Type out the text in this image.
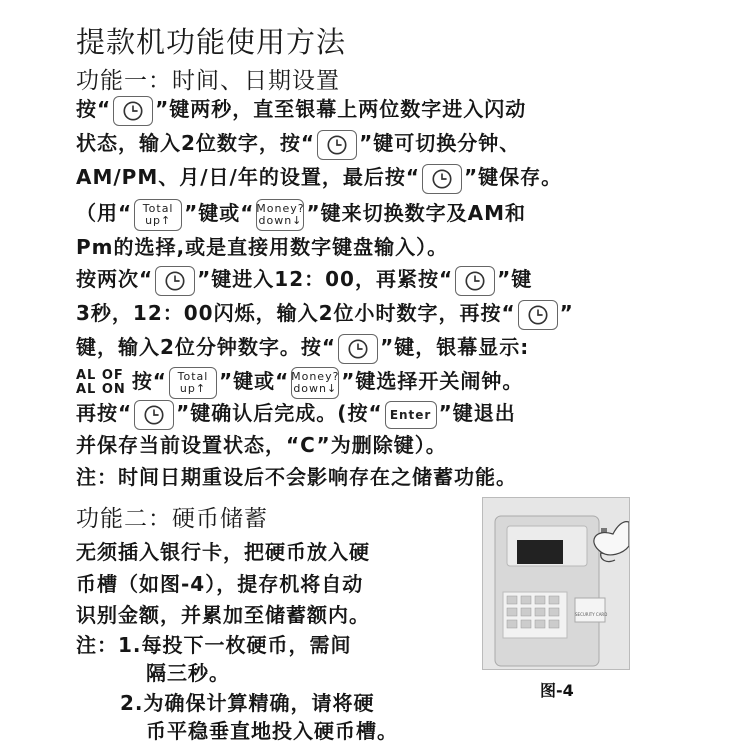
提款机功能使用方法
功能一：时间、日期设置
按“ ”键两秒，直至银幕上两位数字进入闪动
状态，输入2位数字，按“ ”键可切换分钟、
AM/PM、月/日/年的设置，最后按“ ”键保存。
（用“ Total
up↑ ”键或“ Money?
down↓ ”键来切换数字及AM和
Pm的选择,或是直接用数字键盘输入）。
按两次“ ”键进入12：00，再紧按“ ”键
3秒，12：00闪烁，输入2位小时数字，再按“ ”
键，输入2位分钟数字。按“ ”键，银幕显示:
AL OF
AL ON 按“ Total
up↑ ”键或“ Money?
down↓ ”键选择开关闹钟。
再按“ ”键确认后完成。(按“ Enter ”键退出
并保存当前设置状态，“C”为删除键）。
注：时间日期重设后不会影响存在之储蓄功能。
功能二：硬币储蓄
无须插入银行卡，把硬币放入硬
币槽（如图-4），提存机将自动
识别金额，并累加至储蓄额内。
注：1.每投下一枚硬币，需间
隔三秒。
2.为确保计算精确，请将硬
币平稳垂直地投入硬币槽。
SECURITY CARD
图-4
